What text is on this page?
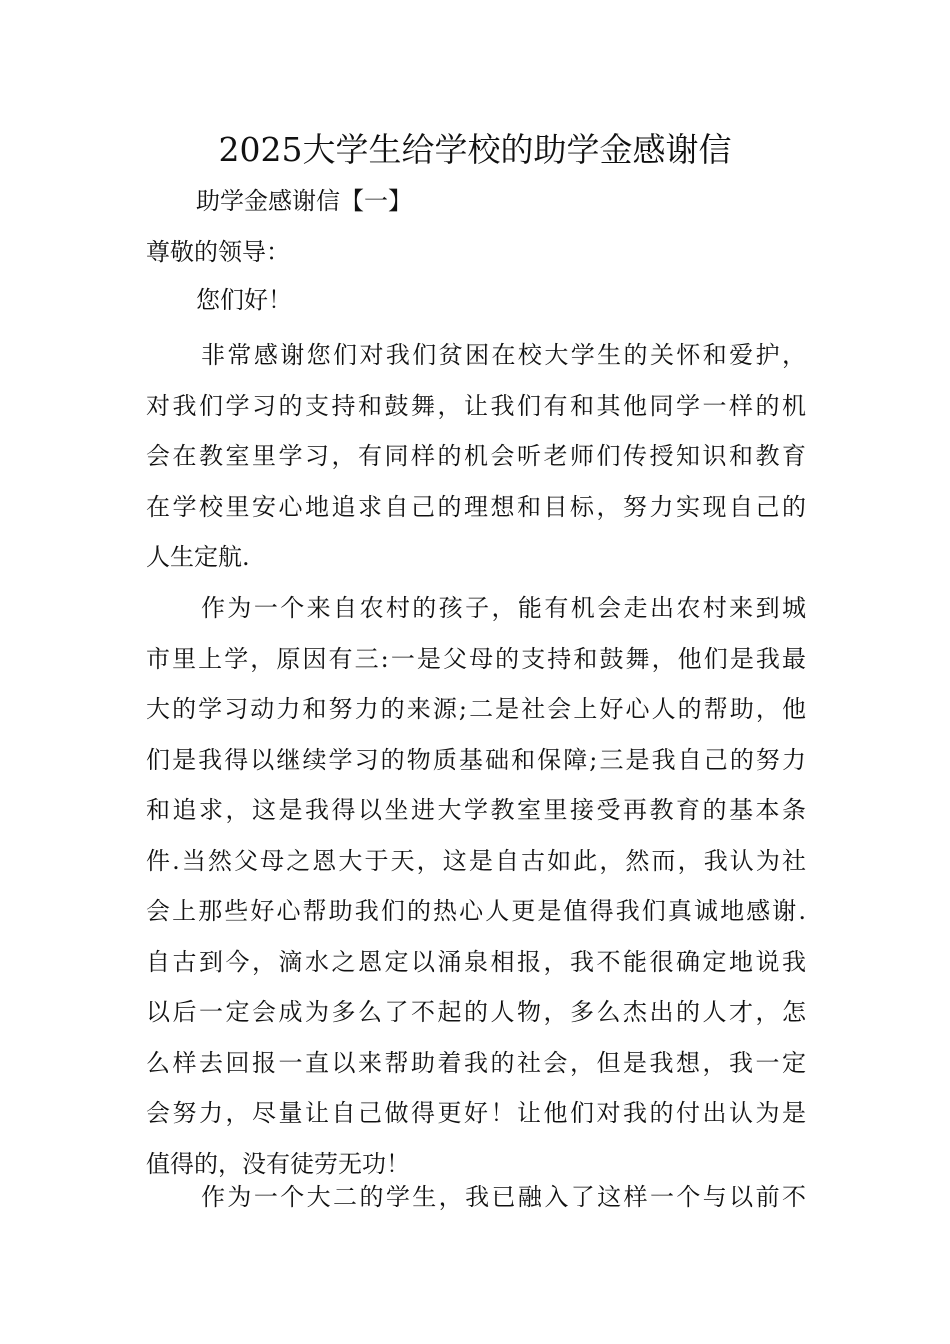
2025大学生给学校的助学金感谢信
助学金感谢信【一】
尊敬的领导：
您们好！
非常感谢您们对我们贫困在校大学生的关怀和爱护，
对我们学习的支持和鼓舞，让我们有和其他同学一样的机
会在教室里学习，有同样的机会听老师们传授知识和教育
在学校里安心地追求自己的理想和目标，努力实现自己的
人生定航.
作为一个来自农村的孩子，能有机会走出农村来到城
市里上学，原因有三:一是父母的支持和鼓舞，他们是我最
大的学习动力和努力的来源;二是社会上好心人的帮助，他
们是我得以继续学习的物质基础和保障;三是我自己的努力
和追求，这是我得以坐进大学教室里接受再教育的基本条
件.当然父母之恩大于天，这是自古如此，然而，我认为社
会上那些好心帮助我们的热心人更是值得我们真诚地感谢.
自古到今，滴水之恩定以涌泉相报，我不能很确定地说我
以后一定会成为多么了不起的人物，多么杰出的人才，怎
么样去回报一直以来帮助着我的社会，但是我想，我一定
会努力，尽量让自己做得更好！让他们对我的付出认为是
值得的，没有徒劳无功！
作为一个大二的学生，我已融入了这样一个与以前不
